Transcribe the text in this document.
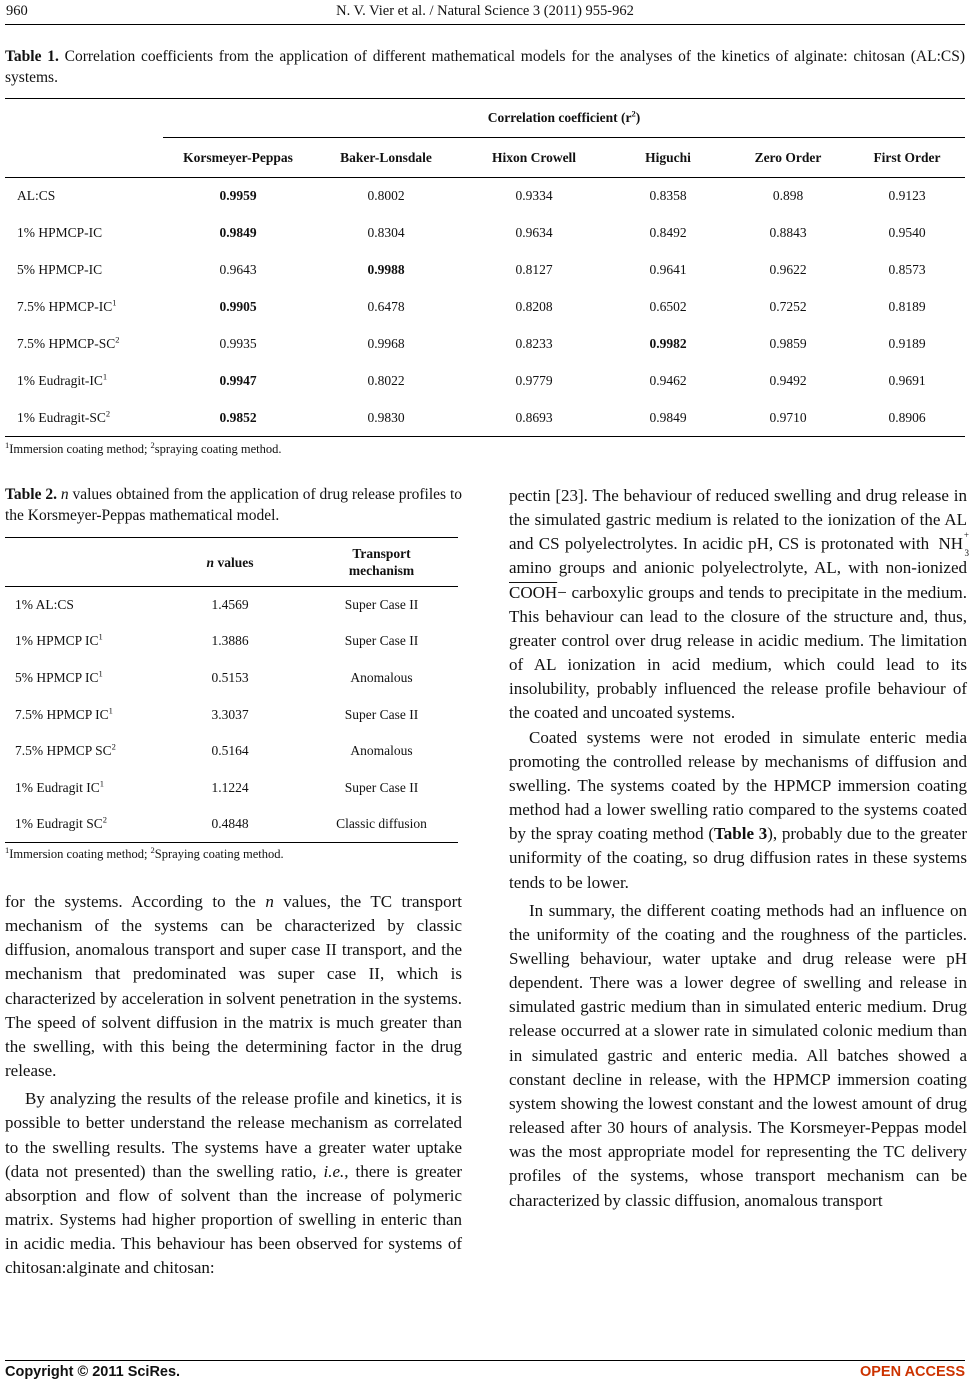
960	N. V. Vier et al. / Natural Science 3 (2011) 955-962
Table 1. Correlation coefficients from the application of different mathematical models for the analyses of the kinetics of alginate: chitosan (AL:CS) systems.
	Correlation coefficient $(r^2)$					
	Korsmeyer-Peppas	Baker-Lonsdale	Hixon Crowell	Higuchi	Zero Order	First Order
AL:CS	0.9959	0.8002	0.9334	0.8358	0.898	0.9123
1% HPMCP-IC	0.9849	0.8304	0.9634	0.8492	0.8843	0.9540
5% HPMCP-IC	0.9643	0.9988	0.8127	0.9641	0.9622	0.8573
7.5% HPMCP-$IC^1$	0.9905	0.6478	0.8208	0.6502	0.7252	0.8189
7.5% HPMCP-$SC^2$	0.9935	0.9968	0.8233	0.9982	0.9859	0.9189
1% Eudragit-$IC^1$	0.9947	0.8022	0.9779	0.9462	0.9492	0.9691
1% Eudragit-$SC^2$	0.9852	0.9830	0.8693	0.9849	0.9710	0.8906
$^1$Immersion coating method; $^2$spraying coating method.
Table 2. n values obtained from the application of drug release profiles to the Korsmeyer-Peppas mathematical model.
	n values	Transport
mechanism
1% AL:CS	1.4569	Super Case II
1% HPMCP $IC^1$	1.3886	Super Case II
5% HPMCP $IC^1$	0.5153	Anomalous
7.5% HPMCP $IC^1$	3.3037	Super Case II
7.5% HPMCP $SC^2$	0.5164	Anomalous
1% Eudragit $IC^1$	1.1224	Super Case II
1% Eudragit $SC^2$	0.4848	Classic diffusion
$^1$Immersion coating method; $^2$Spraying coating method.

for the systems. According to the n values, the TC transport mechanism of the systems can be characterized by classic diffusion, anomalous transport and super case II transport, and the mechanism that predominated was super case II, which is characterized by acceleration in solvent penetration in the systems. The speed of solvent diffusion in the matrix is much greater than the swelling, with this being the determining factor in the drug release.

By analyzing the results of the release profile and kinetics, it is possible to better understand the release mechanism as correlated to the swelling results. The systems have a greater water uptake (data not presented) than the swelling ratio, i.e., there is greater absorption and flow of solvent than the increase of polymeric matrix. Systems had higher proportion of swelling in enteric than in acidic media. This behaviour has been observed for systems of chitosan:alginate and chitosan:

pectin [23]. The behaviour of reduced swelling and drug release in the simulated gastric medium is related to the ionization of the AL and CS polyelectrolytes. In acidic pH, CS is protonated with NH +
3
amino groups and anionic polyelectrolyte, AL, with non-ionized COOH− carboxylic groups and tends to precipitate in the medium. This behaviour can lead to the closure of the structure and, thus, greater control over drug release in acidic medium. The limitation of AL ionization in acid medium, which could lead to its insolubility, probably influenced the release profile behaviour of the coated and uncoated systems.

Coated systems were not eroded in simulate enteric media promoting the controlled release by mechanisms of diffusion and swelling. The systems coated by the HPMCP immersion coating method had a lower swelling ratio compared to the systems coated by the spray coating method (Table 3), probably due to the greater uniformity of the coating, so drug diffusion rates in these systems tends to be lower.

In summary, the different coating methods had an influence on the uniformity of the coating and the roughness of the particles. Swelling behaviour, water uptake and drug release were pH dependent. There was a lower degree of swelling and release in simulated gastric medium than in simulated enteric medium. Drug release occurred at a slower rate in simulated colonic medium than in simulated gastric and enteric media. All batches showed a constant decline in release, with the HPMCP immersion coating system showing the lowest constant and the lowest amount of drug released after 30 hours of analysis. The Korsmeyer-Peppas model was the most appropriate model for representing the TC delivery profiles of the systems, whose transport mechanism can be characterized by classic diffusion, anomalous transport

Copyright © 2011 SciRes.	OPEN ACCESS
